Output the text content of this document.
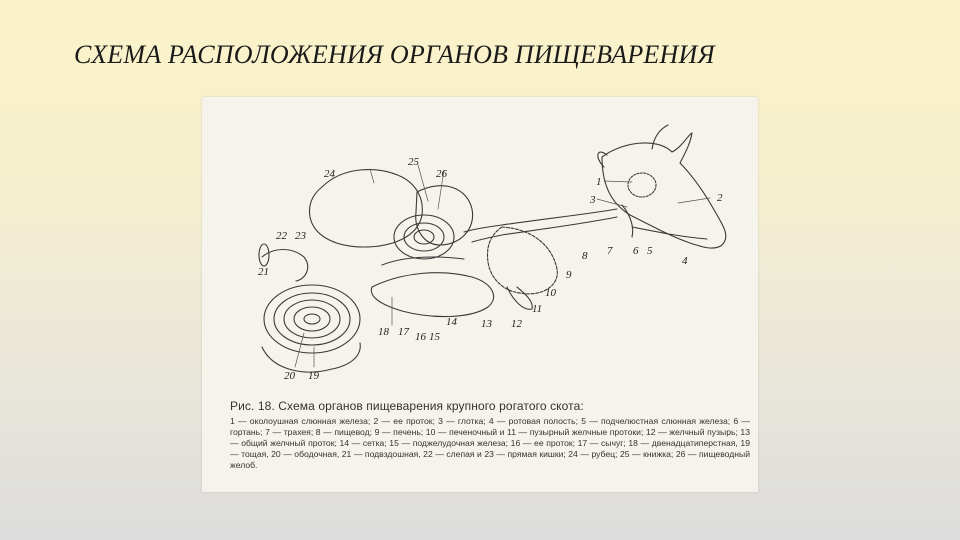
СХЕМА РАСПОЛОЖЕНИЯ ОРГАНОВ ПИЩЕВАРЕНИЯ
1
2
3
4
5
6
7
8
9
10
11
12
13
14
15
16
17
18
19
20
21
22 23
24
25
26

Рис. 18. Схема органов пищеварения крупного рогатого скота:

1 — околоушная слюнная железа; 2 — ее проток; 3 — глотка; 4 — ротовая полость; 5 — подчелюстная слюнная железа; 6 — гортань; 7 — трахея; 8 — пищевод; 9 — печень; 10 — печеночный и 11 — пузырный желчные протоки; 12 — желчный пузырь; 13 — общий желчный проток; 14 — сетка; 15 — поджелудочная железа; 16 — ее проток; 17 — сычуг; 18 — двенадцатиперстная, 19 — тощая, 20 — ободочная, 21 — подвздошная, 22 — слепая и 23 — прямая кишки; 24 — рубец; 25 — книжка; 26 — пищеводный желоб.
